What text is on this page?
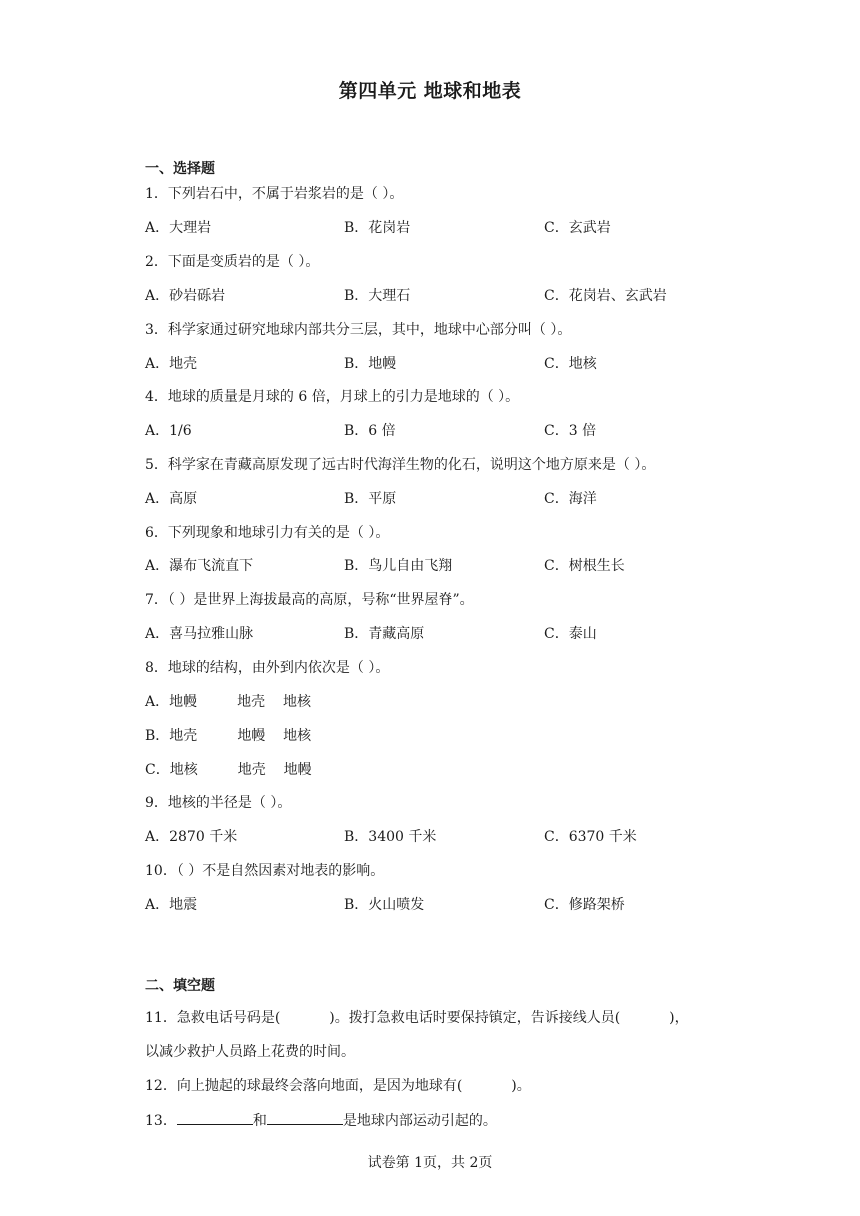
第四单元 地球和地表
一、选择题
1．下列岩石中，不属于岩浆岩的是（ ）。
A．大理岩	B．花岗岩	C．玄武岩
2．下面是变质岩的是（ ）。
A．砂岩砾岩	B．大理石	C．花岗岩、玄武岩
3．科学家通过研究地球内部共分三层，其中，地球中心部分叫（ ）。
A．地壳	B．地幔	C．地核
4．地球的质量是月球的 6 倍，月球上的引力是地球的（ ）。
A．1/6	B．6 倍	C．3 倍
5．科学家在青藏高原发现了远古时代海洋生物的化石，说明这个地方原来是（ ）。
A．高原	B．平原	C．海洋
6．下列现象和地球引力有关的是（ ）。
A．瀑布飞流直下	B．鸟儿自由飞翔	C．树根生长
7．（ ）是世界上海拔最高的高原，号称“世界屋脊”。
A．喜马拉雅山脉	B．青藏高原	C．泰山
8．地球的结构，由外到内依次是（ ）。
A．地幔         地壳    地核
B．地壳         地幔    地核
C．地核         地壳    地幔
9．地核的半径是（ ）。
A．2870 千米	B．3400 千米	C．6370 千米
10．（ ）不是自然因素对地表的影响。
A．地震	B．火山喷发	C．修路架桥
二、填空题
11．急救电话号码是(           )。拨打急救电话时要保持镇定，告诉接线人员(           )，
以减少救护人员路上花费的时间。
12．向上抛起的球最终会落向地面，是因为地球有(           )。
13．	和	是地球内部运动引起的。
试卷第 1页，共 2页
